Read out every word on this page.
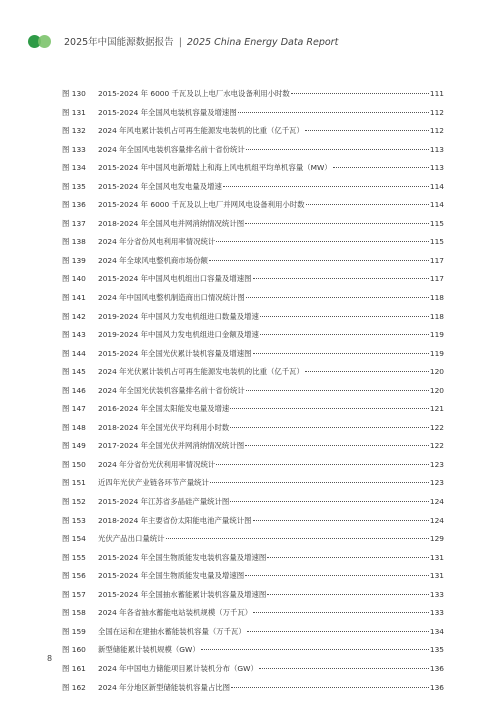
2025年中国能源数据报告 | 2025 China Energy Data Report
图 130	2015-2024 年 6000 千瓦及以上电厂水电设备利用小时数	111
图 131	2015-2024 年全国风电装机容量及增速图	112
图 132	2024 年风电累计装机占可再生能源发电装机的比重（亿千瓦）	112
图 133	2024 年全国风电装机容量排名前十省份统计	113
图 134	2015-2024 年中国风电新增陆上和海上风电机组平均单机容量（MW）	113
图 135	2015-2024 年全国风电发电量及增速	114
图 136	2015-2024 年 6000 千瓦及以上电厂并网风电设备利用小时数	114
图 137	2018-2024 年全国风电并网消纳情况统计图	115
图 138	2024 年分省份风电利用率情况统计	115
图 139	2024 年全球风电整机商市场份额	117
图 140	2015-2024 年中国风电机组出口容量及增速图	117
图 141	2024 年中国风电整机制造商出口情况统计图	118
图 142	2019-2024 年中国风力发电机组进口数量及增速	118
图 143	2019-2024 年中国风力发电机组进口金额及增速	119
图 144	2015-2024 年全国光伏累计装机容量及增速图	119
图 145	2024 年光伏累计装机占可再生能源发电装机的比重（亿千瓦）	120
图 146	2024 年全国光伏装机容量排名前十省份统计	120
图 147	2016-2024 年全国太阳能发电量及增速	121
图 148	2018-2024 年全国光伏平均利用小时数	122
图 149	2017-2024 年全国光伏并网消纳情况统计图	122
图 150	2024 年分省份光伏利用率情况统计	123
图 151	近四年光伏产业链各环节产量统计	123
图 152	2015-2024 年江苏省多晶硅产量统计图	124
图 153	2018-2024 年主要省份太阳能电池产量统计图	124
图 154	光伏产品出口量统计	129
图 155	2015-2024 年全国生物质能发电装机容量及增速图	131
图 156	2015-2024 年全国生物质能发电量及增速图	131
图 157	2015-2024 年全国抽水蓄能累计装机容量及增速图	133
图 158	2024 年各省抽水蓄能电站装机规模（万千瓦）	133
图 159	全国在运和在建抽水蓄能装机容量（万千瓦）	134
图 160	新型储能累计装机规模（GW）	135
图 161	2024 年中国电力储能项目累计装机分布（GW）	136
图 162	2024 年分地区新型储能装机容量占比图	136
8
